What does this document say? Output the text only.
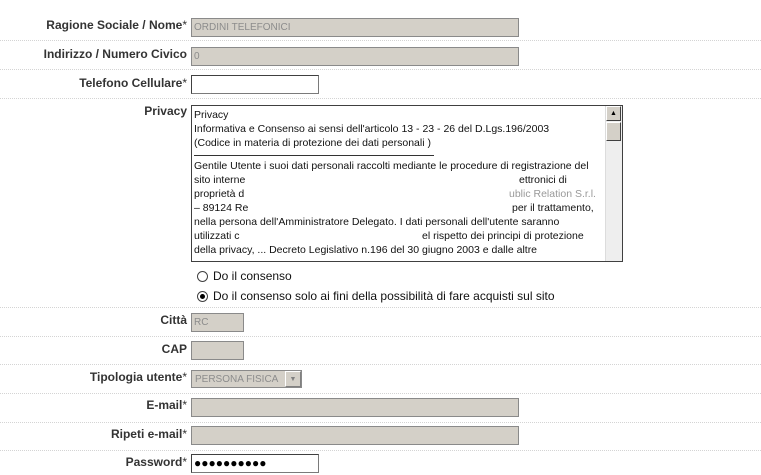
Ragione Sociale / Nome* ORDINI TELEFONICI
Indirizzo / Numero Civico 0
Telefono Cellulare*
Privacy Privacy
Informativa e Consenso ai sensi dell'articolo 13 - 23 - 26 del D.Lgs.196/2003
(Codice in materia di protezione dei dati personali )
Gentile Utente i suoi dati personali raccolti mediante le procedure di registrazione del
sito interne	ettronici di
proprietà d	ublic Relation S.r.l.
– 89124 Re	per il trattamento,
nella persona dell'Amministratore Delegato. I dati personali dell'utente saranno
utilizzati c	el rispetto dei principi di protezione
della privacy, ... Decreto Legislativo n.196 del 30 giugno 2003 e dalle altre
▲
Do il consenso
Do il consenso solo ai fini della possibilità di fare acquisti sul sito
Città RC
CAP
Tipologia utente* PERSONA FISICA	▼
E-mail*
Ripeti e-mail*
Password* ●●●●●●●●●●
